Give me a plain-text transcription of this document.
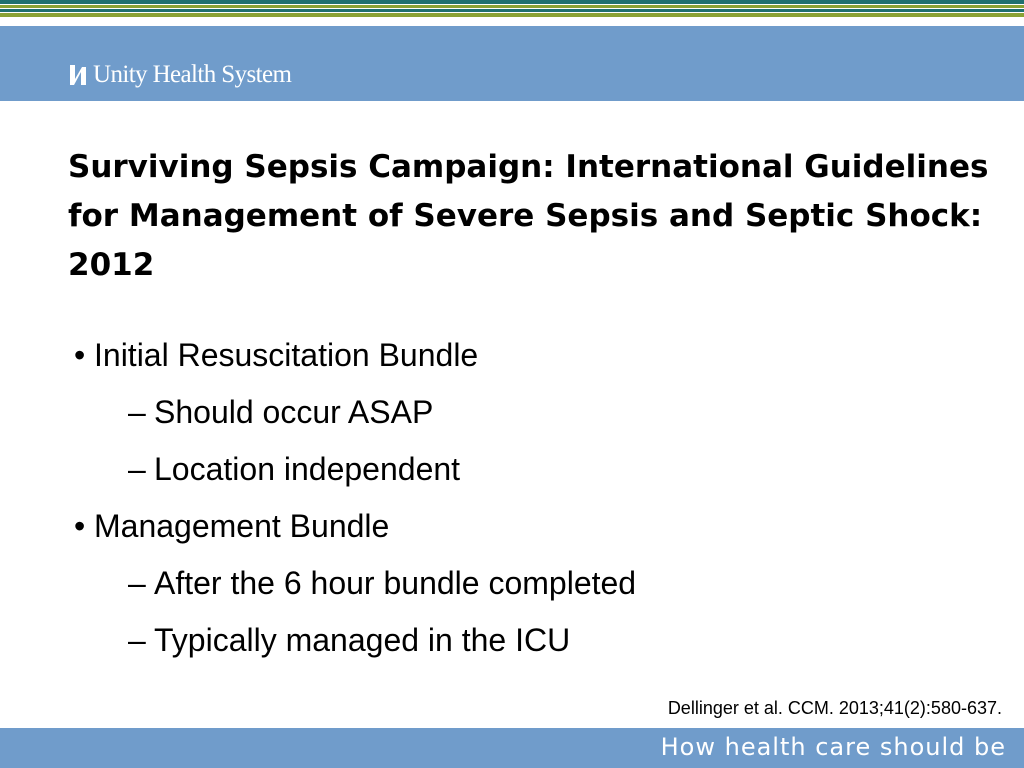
Unity Health System
Surviving Sepsis Campaign: International Guidelines for Management of Severe Sepsis and Septic Shock: 2012
• Initial Resuscitation Bundle
– Should occur ASAP
– Location independent
• Management Bundle
– After the 6 hour bundle completed
– Typically managed in the ICU
Dellinger et al. CCM. 2013;41(2):580-637.
How health care should be
